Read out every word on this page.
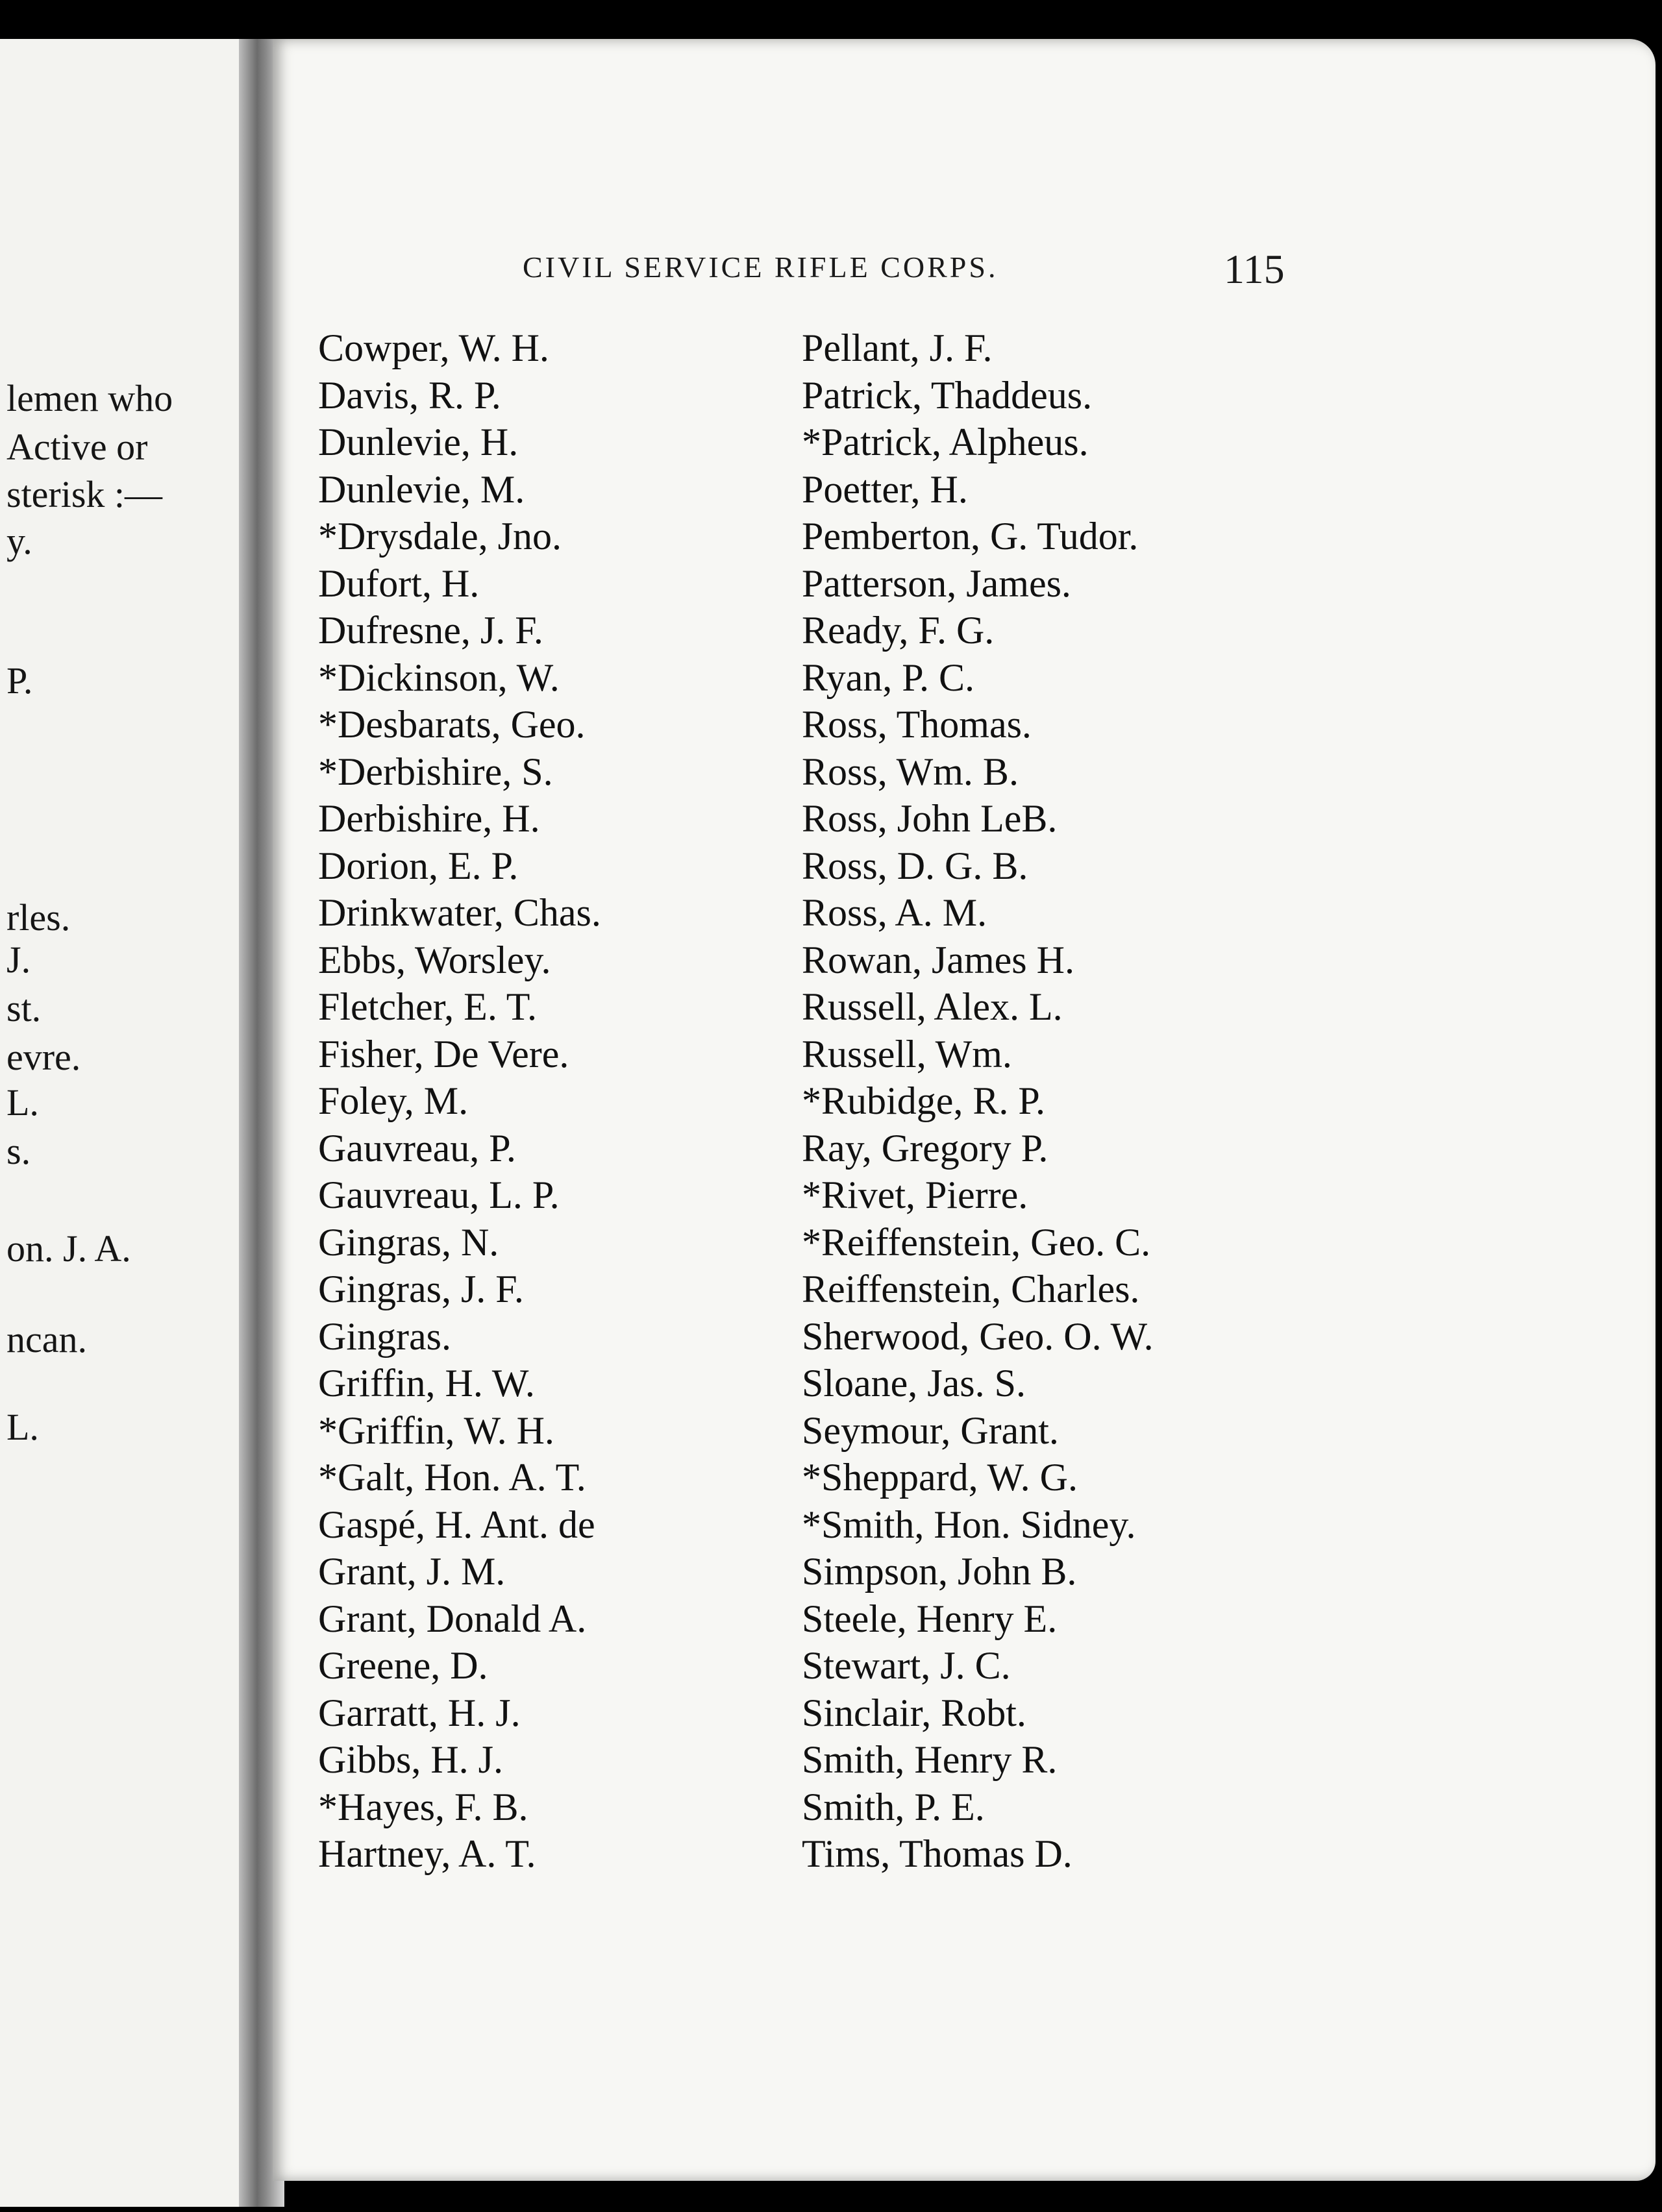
lemen who
Active or
sterisk :—
y.
P.
rles.
J.
st.
evre.
L.
s.
on. J. A.
ncan.
L.
CIVIL SERVICE RIFLE CORPS.	115
Cowper, W. H.
Davis, R. P.
Dunlevie, H.
Dunlevie, M.
*Drysdale, Jno.
Dufort, H.
Dufresne, J. F.
*Dickinson, W.
*Desbarats, Geo.
*Derbishire, S.
Derbishire, H.
Dorion, E. P.
Drinkwater, Chas.
Ebbs, Worsley.
Fletcher, E. T.
Fisher, De Vere.
Foley, M.
Gauvreau, P.
Gauvreau, L. P.
Gingras, N.
Gingras, J. F.
Gingras.
Griffin, H. W.
*Griffin, W. H.
*Galt, Hon. A. T.
Gaspé, H. Ant. de
Grant, J. M.
Grant, Donald A.
Greene, D.
Garratt, H. J.
Gibbs, H. J.
*Hayes, F. B.
Hartney, A. T.
Pellant, J. F.
Patrick, Thaddeus.
*Patrick, Alpheus.
Poetter, H.
Pemberton, G. Tudor.
Patterson, James.
Ready, F. G.
Ryan, P. C.
Ross, Thomas.
Ross, Wm. B.
Ross, John LeB.
Ross, D. G. B.
Ross, A. M.
Rowan, James H.
Russell, Alex. L.
Russell, Wm.
*Rubidge, R. P.
Ray, Gregory P.
*Rivet, Pierre.
*Reiffenstein, Geo. C.
Reiffenstein, Charles.
Sherwood, Geo. O. W.
Sloane, Jas. S.
Seymour, Grant.
*Sheppard, W. G.
*Smith, Hon. Sidney.
Simpson, John B.
Steele, Henry E.
Stewart, J. C.
Sinclair, Robt.
Smith, Henry R.
Smith, P. E.
Tims, Thomas D.
